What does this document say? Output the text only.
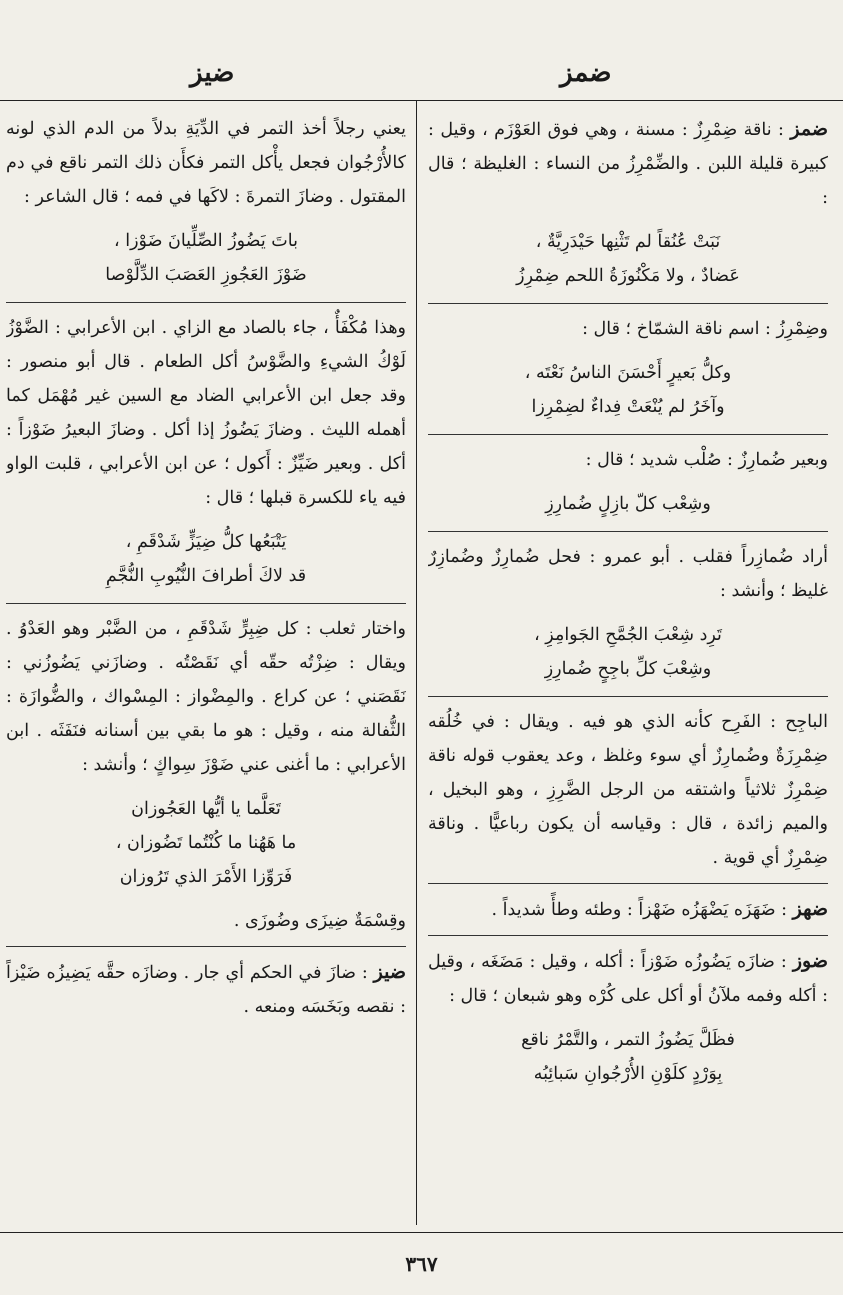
ضمز
ضيز

ضمز : ناقة ضِمْرِزٌ : مسنة ، وهي فوق العَوْزَم ، وقيل : كبيرة قليلة اللبن . والضِّمْرِزُ من النساء : الغليظة ؛ قال :

نَبَتْ عُنُقاً لم تَثْنِها حَيْدَرِيَّةٌ ،
عَضادٌ ، ولا مَكْنُوزَةُ اللحم ضِمْرِزُ

وضِمْرِزُ : اسم ناقة الشمّاخ ؛ قال :

وكلُّ بَعيرٍ أَحْسَنَ الناسُ نَعْتَه ،
وآخَرُ لم يُنْعَتْ فِداءٌ لضِمْرِزا

وبعير ضُمارِزٌ : صُلْب شديد ؛ قال :

وشِعْب كلّ بازِلٍ ضُمارِزِ

أراد ضُمازِراً فقلب . أبو عمرو : فحل ضُمارِزٌ وضُمازِرٌ غليظ ؛ وأنشد :

تَرِد شِعْبَ الجُمَّحِ الجَوامِزِ ،
وشِعْبَ كلِّ باجِحٍ ضُمارِزِ

الباجِح : الفَرِح كأنه الذي هو فيه . ويقال : في خُلُقه ضِمْرِزَةٌ وضُمارِزٌ أي سوء وغلظ ، وعد يعقوب قوله ناقة ضِمْرِزٌ ثلاثياً واشتقه من الرجل الضَّرِزِ ، وهو البخيل ، والميم زائدة ، قال : وقياسه أن يكون رباعيًّا . وناقة ضِمْرِزٌ أي قوية .

ضهز : ضَهَزَه يَضْهَزُه ضَهْزاً : وطئه وطأً شديداً .

ضوز : ضازَه يَضُوزُه ضَوْزاً : أكله ، وقيل : مَضَغَه ، وقيل : أكله وفمه ملآنُ أو أكل على كُرْه وهو شبعان ؛ قال :

فظَلَّ يَضُوزُ التمر ، والتَّمْرُ ناقع
بِوَرْدٍ كلَوْنِ الأُرْجُوانِ سَبائِبُه

يعني رجلاً أخذ التمر في الدِّيَةِ بدلاً من الدم الذي لونه كالأُرْجُوان فجعل يأْكل التمر فكأَن ذلك التمر ناقع في دم المقتول . وضازَ التمرةَ : لاكَها في فمه ؛ قال الشاعر :

باتَ يَضُوزُ الصِّلِّيانَ ضَوْزا ،
ضَوْزَ العَجُوزِ العَصَبَ الدِّلَّوْصا

وهذا مُكْفَأٌ ، جاء بالصاد مع الزاي . ابن الأعرابي : الضَّوْزُ لَوْكُ الشيءِ والضَّوْسُ أكل الطعام . قال أبو منصور : وقد جعل ابن الأعرابي الضاد مع السين غير مُهْمَل كما أهمله الليث . وضازَ يَضُوزُ إذا أكل . وضازَ البعيرُ ضَوْزاً : أكل . وبعير ضَيِّزٌ : أَكول ؛ عن ابن الأعرابي ، قلبت الواو فيه ياء للكسرة قبلها ؛ قال :

يَتْبَعُها كلُّ ضِيَزٍّ شَدْقَمِ ،
قد لاكَ أطرافَ النُّيُوبِ النُّجَّمِ

واختار ثعلب : كل ضِبِرٍّ شَدْقَمِ ، من الضَّبْر وهو العَدْوُ . ويقال : ضِزْتُه حقّه أي نَقَصْتُه . وضازَني يَضُوزُني : نَقَصَني ؛ عن كراع . والمِضْواز : المِسْواك ، والضُّوازَة : الثُّفالة منه ، وقيل : هو ما بقي بين أسنانه فنَفَثَه . ابن الأعرابي : ما أغنى عني ضَوْزَ سِواكٍ ؛ وأنشد :

تَعَلَّما يا أيُّها العَجُوزان
ما هَهُنا ما كُنْتُما تَضُوزان ،
فَرَوِّزا الأَمْرَ الذي تَرُوزان

وقِسْمَةٌ ضِيزَى وضُوزَى .

ضيز : ضازَ في الحكم أي جار . وضازَه حقَّه يَضِيزُه ضَيْزاً : نقصه وبَخَسَه ومنعه .

٣٦٧
